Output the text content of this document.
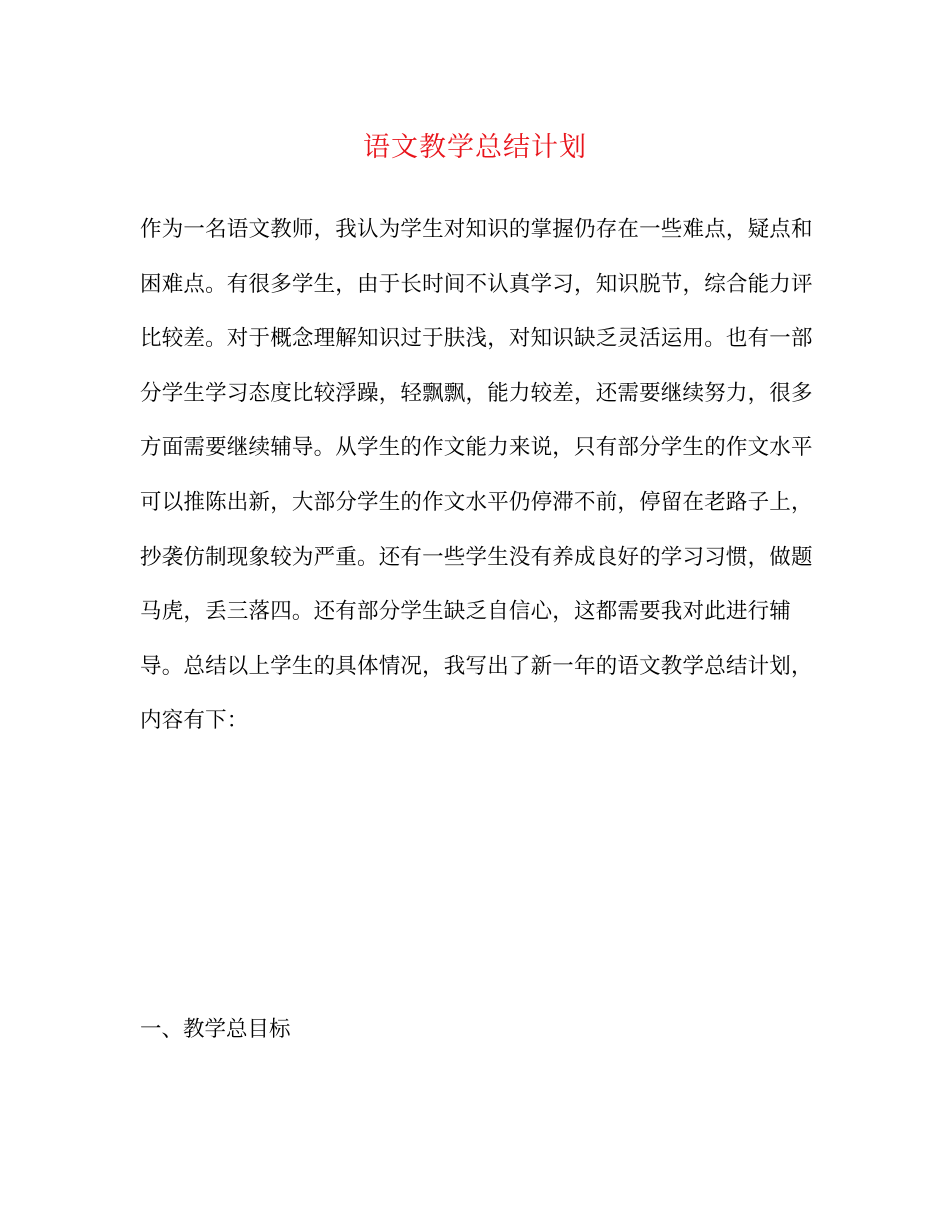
语文教学总结计划
作为一名语文教师，我认为学生对知识的掌握仍存在一些难点，疑点和
困难点。有很多学生，由于长时间不认真学习，知识脱节，综合能力评
比较差。对于概念理解知识过于肤浅，对知识缺乏灵活运用。也有一部
分学生学习态度比较浮躁，轻飘飘，能力较差，还需要继续努力，很多
方面需要继续辅导。从学生的作文能力来说，只有部分学生的作文水平
可以推陈出新，大部分学生的作文水平仍停滞不前，停留在老路子上，
抄袭仿制现象较为严重。还有一些学生没有养成良好的学习习惯，做题
马虎，丢三落四。还有部分学生缺乏自信心，这都需要我对此进行辅
导。总结以上学生的具体情况，我写出了新一年的语文教学总结计划，
内容有下：
一、教学总目标
